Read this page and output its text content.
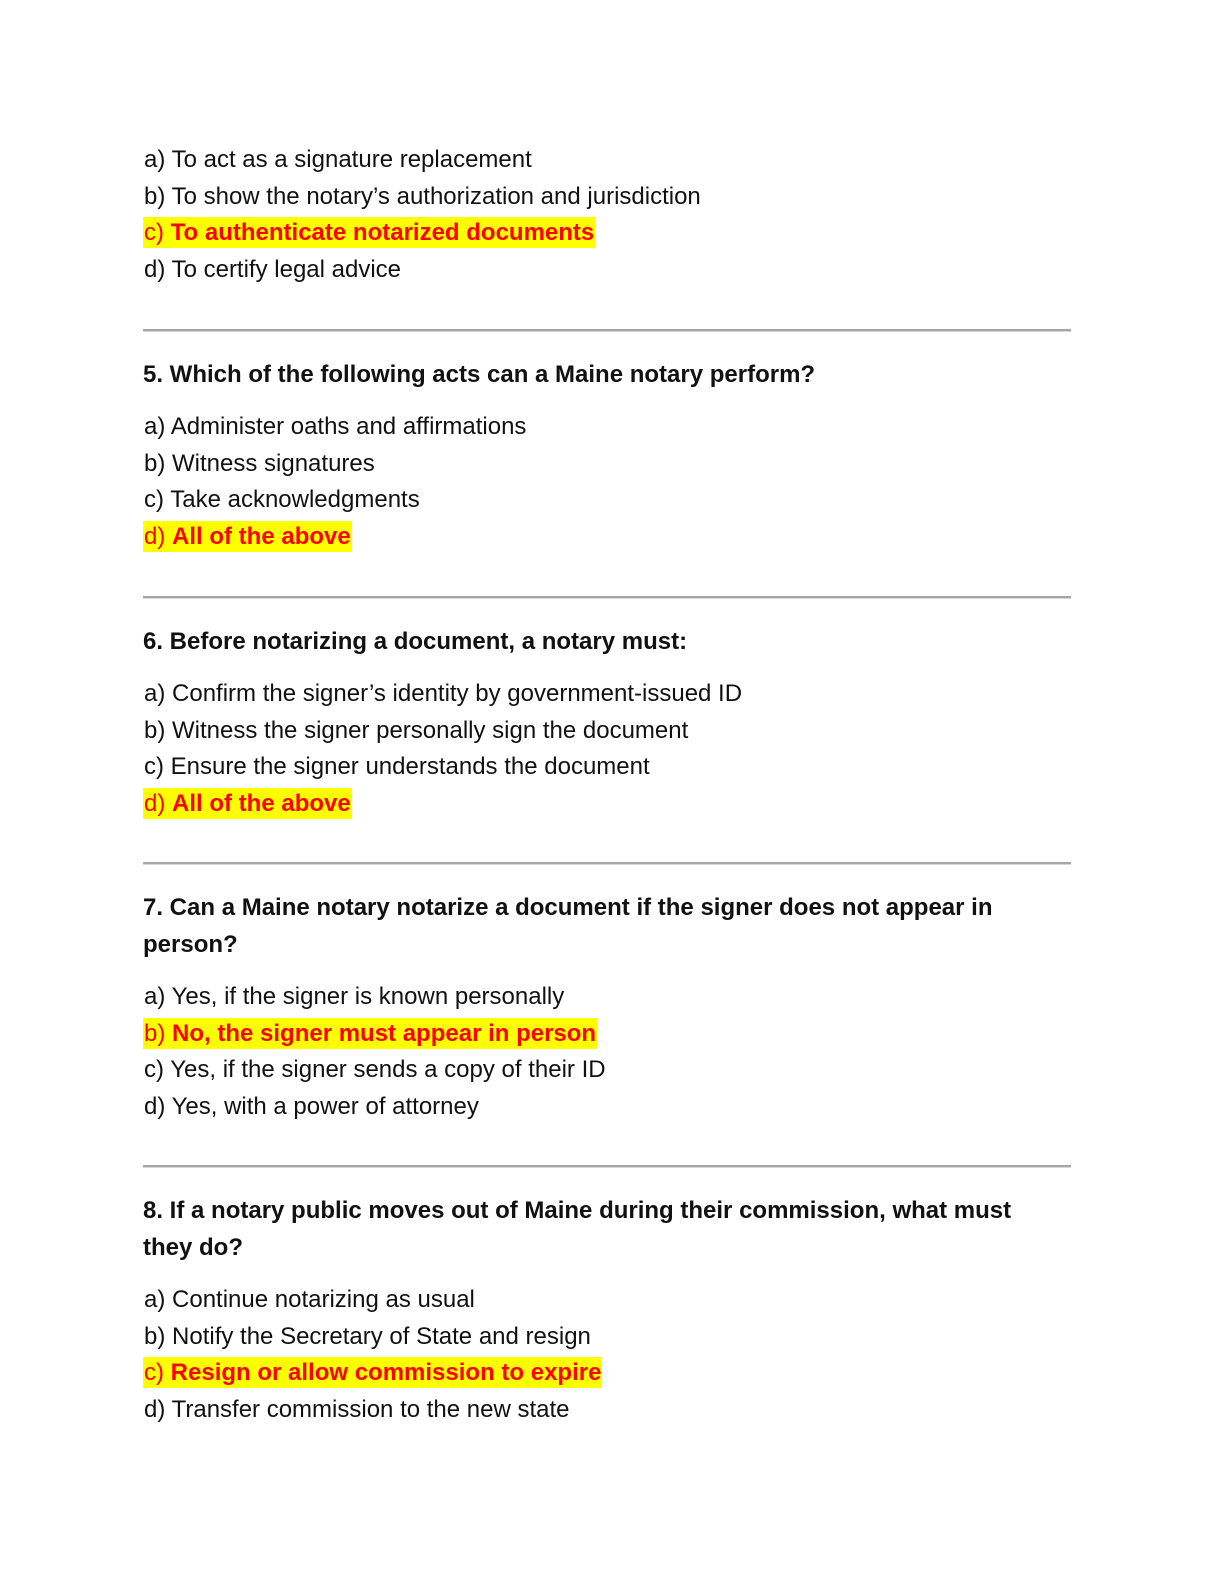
a) To act as a signature replacement
b) To show the notary’s authorization and jurisdiction
c) To authenticate notarized documents
d) To certify legal advice

5. Which of the following acts can a Maine notary perform?

a) Administer oaths and affirmations
b) Witness signatures
c) Take acknowledgments
d) All of the above

6. Before notarizing a document, a notary must:

a) Confirm the signer’s identity by government-issued ID
b) Witness the signer personally sign the document
c) Ensure the signer understands the document
d) All of the above

7. Can a Maine notary notarize a document if the signer does not appear in person?

a) Yes, if the signer is known personally
b) No, the signer must appear in person
c) Yes, if the signer sends a copy of their ID
d) Yes, with a power of attorney

8. If a notary public moves out of Maine during their commission, what must they do?

a) Continue notarizing as usual
b) Notify the Secretary of State and resign
c) Resign or allow commission to expire
d) Transfer commission to the new state
